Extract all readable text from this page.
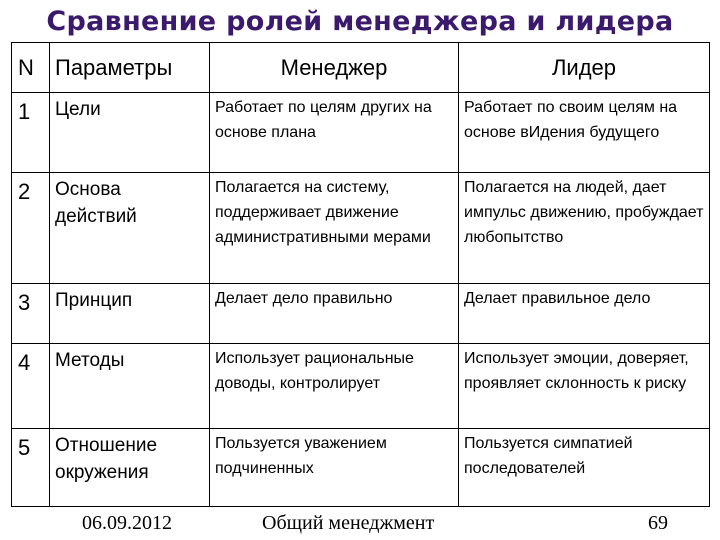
Сравнение ролей менеджера и лидера
N	Параметры	Менеджер	Лидер
1	Цели	Работает по целям других на основе плана	Работает по своим целям на основе вИдения будущего
2	Основа действий	Полагается на систему, поддерживает движение административными мерами	Полагается на людей, дает импульс движению, пробуждает любопытство
3	Принцип	Делает дело правильно	Делает правильное дело
4	Методы	Использует рациональные доводы, контролирует	Использует эмоции, доверяет, проявляет склонность к риску
5	Отношение окружения	Пользуется уважением подчиненных	Пользуется симпатией последователей
06.09.2012	Общий менеджмент	69
